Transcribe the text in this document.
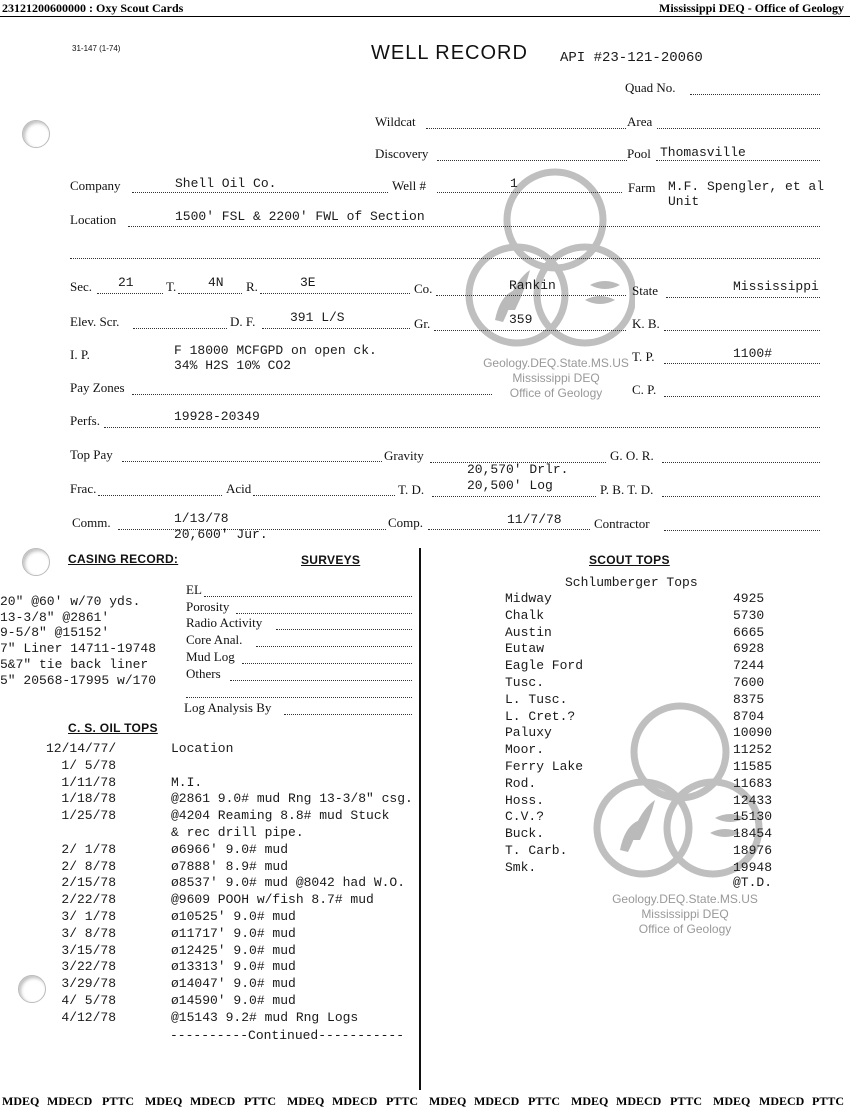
23121200600000 : Oxy Scout Cards	Mississippi DEQ - Office of Geology
Geology.DEQ.State.MS.US
Mississippi DEQ
Office of Geology
Geology.DEQ.State.MS.US
Mississippi DEQ
Office of Geology
31-147 (1-74)	WELL RECORD API #23-121-20060
Quad No.
Wildcat	Area
Discovery	Pool Thomasville
Company	Shell Oil Co.	Well #	1	Farm M.F. Spengler, et al
Unit
Location	1500' FSL & 2200' FWL of Section
Sec. 21 T. 4N R.	3E	Co.	Rankin	State	Mississippi
Elev. Scr.	D. F.	391 L/S	Gr.	359	K. B.
I. P.	F 18000 MCFGPD on open ck.
34% H2S 10% CO2
T. P.	1100#
Pay Zones	C. P.
Perfs.	19928-20349
Top Pay	Gravity	G. O. R.
Frac.	Acid	T. D.
20,570' Drlr.
20,500' Log	P. B. T. D.
Comm.	1/13/78
20,600' Jur.
Comp.	11/7/78 Contractor
CASING RECORD:
20" @60' w/70 yds.
13-3/8" @2861'
9-5/8" @15152'
7" Liner 14711-19748
5&7" tie back liner
5" 20568-17995 w/170
SURVEYS
EL
Porosity
Radio Activity
Core Anal.
Mud Log
Others
Log Analysis By
C. S. OIL TOPS
12/14/77/	Location
1/ 5/78
1/11/78	M.I.
1/18/78	@2861 9.0# mud Rng 13-3/8" csg.
1/25/78	@4204 Reaming 8.8# mud Stuck
& rec drill pipe.
2/ 1/78	ø6966' 9.0# mud
2/ 8/78	ø7888' 8.9# mud
2/15/78	ø8537' 9.0# mud @8042 had W.O.
2/22/78	@9609 POOH w/fish 8.7# mud
3/ 1/78	ø10525' 9.0# mud
3/ 8/78	ø11717' 9.0# mud
3/15/78	ø12425' 9.0# mud
3/22/78	ø13313' 9.0# mud
3/29/78	ø14047' 9.0# mud
4/ 5/78	ø14590' 9.0# mud
4/12/78	@15143 9.2# mud Rng Logs
----------Continued-----------
SCOUT TOPS
Schlumberger Tops
Midway	4925
Chalk	5730
Austin	6665
Eutaw	6928
Eagle Ford	7244
Tusc.	7600
L. Tusc.	8375
L. Cret.?	8704
Paluxy	10090
Moor.	11252
Ferry Lake	11585
Rod.	11683
Hoss.	12433
C.V.?	15130
Buck.	18454
T. Carb.	18976
Smk.	19948 @T.D.
MDEQ MDECD PTTC MDEQ MDECD PTTC MDEQ MDECD PTTC MDEQ MDECD PTTC MDEQ MDECD PTTC MDEQ MDECD PTTC
